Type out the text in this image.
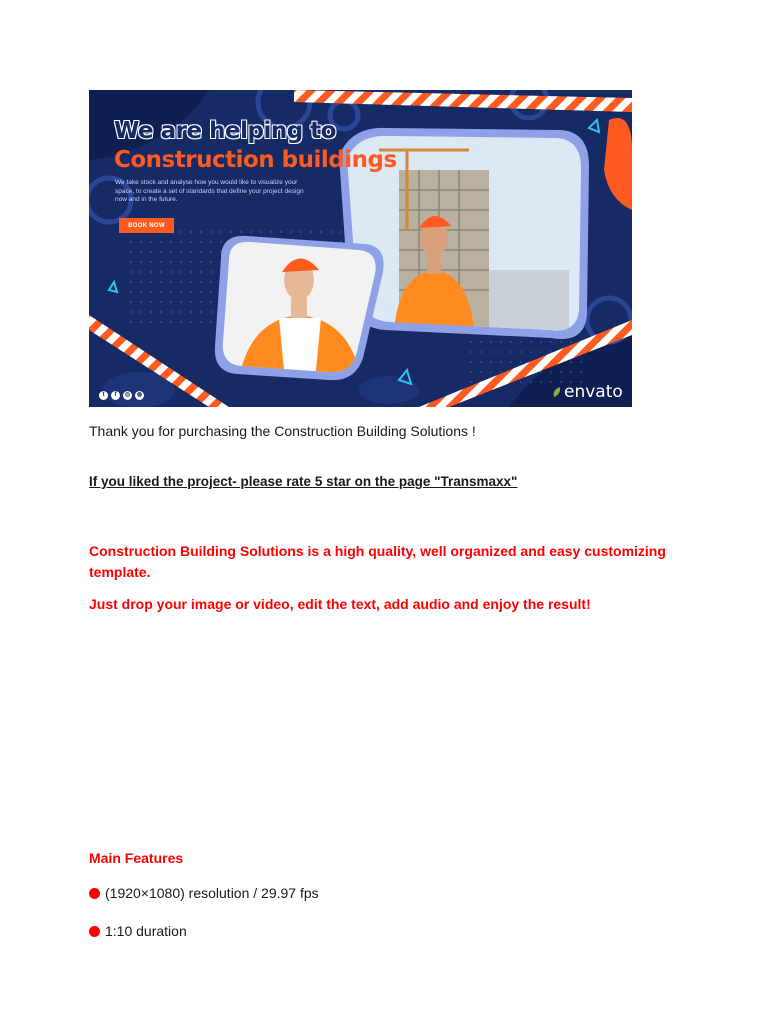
We are helping to
Construction buildings

We take stock and analyse how you would like to visualize your space, to create a set of standards that define your project design now and in the future.

BOOK NOW
t	f	◎	◍	envato

Thank you for purchasing the Construction Building Solutions !

If you liked the project- please rate 5 star on the page "Transmaxx"

Construction Building Solutions is a high quality, well organized and easy customizing template.

Just drop your image or video, edit the text, add audio and enjoy the result!

Main Features

(1920×1080) resolution / 29.97 fps
1:10 duration
